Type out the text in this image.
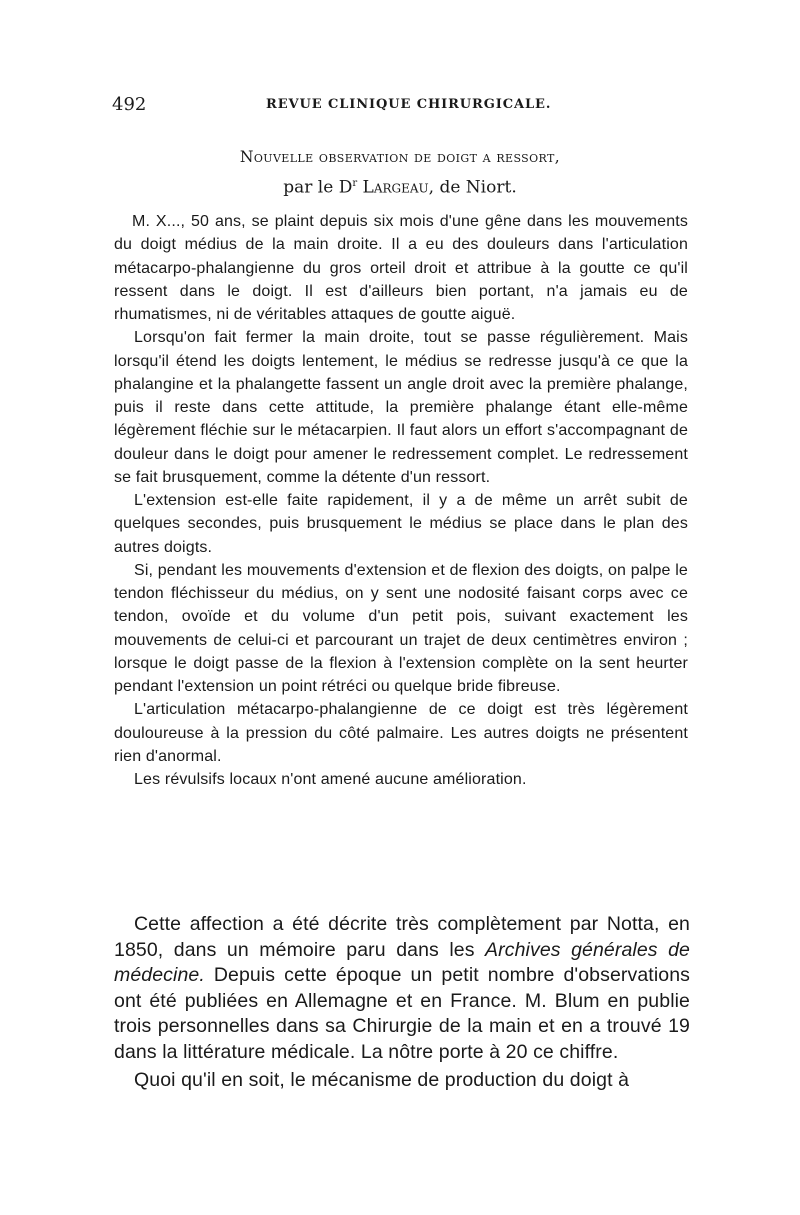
492	REVUE CLINIQUE CHIRURGICALE.
Nouvelle observation de doigt a ressort,
par le $D^r$ Largeau, de Niort.

M. X..., 50 ans, se plaint depuis six mois d'une gêne dans les mouvements du doigt médius de la main droite. Il a eu des douleurs dans l'articulation métacarpo-phalangienne du gros orteil droit et attribue à la goutte ce qu'il ressent dans le doigt. Il est d'ailleurs bien portant, n'a jamais eu de rhumatismes, ni de véritables attaques de goutte aiguë.

Lorsqu'on fait fermer la main droite, tout se passe régulièrement. Mais lorsqu'il étend les doigts lentement, le médius se redresse jusqu'à ce que la phalangine et la phalangette fassent un angle droit avec la première phalange, puis il reste dans cette attitude, la première phalange étant elle-même légèrement fléchie sur le métacarpien. Il faut alors un effort s'accompagnant de douleur dans le doigt pour amener le redressement complet. Le redressement se fait brusquement, comme la détente d'un ressort.

L'extension est-elle faite rapidement, il y a de même un arrêt subit de quelques secondes, puis brusquement le médius se place dans le plan des autres doigts.

Si, pendant les mouvements d'extension et de flexion des doigts, on palpe le tendon fléchisseur du médius, on y sent une nodosité faisant corps avec ce tendon, ovoïde et du volume d'un petit pois, suivant exactement les mouvements de celui-ci et parcourant un trajet de deux centimètres environ ; lorsque le doigt passe de la flexion à l'extension complète on la sent heurter pendant l'extension un point rétréci ou quelque bride fibreuse.

L'articulation métacarpo-phalangienne de ce doigt est très légèrement douloureuse à la pression du côté palmaire. Les autres doigts ne présentent rien d'anormal.

Les révulsifs locaux n'ont amené aucune amélioration.

Cette affection a été décrite très complètement par Notta, en 1850, dans un mémoire paru dans les Archives générales de médecine. Depuis cette époque un petit nombre d'observations ont été publiées en Allemagne et en France. M. Blum en publie trois personnelles dans sa Chirurgie de la main et en a trouvé 19 dans la littérature médicale. La nôtre porte à 20 ce chiffre.

Quoi qu'il en soit, le mécanisme de production du doigt à
